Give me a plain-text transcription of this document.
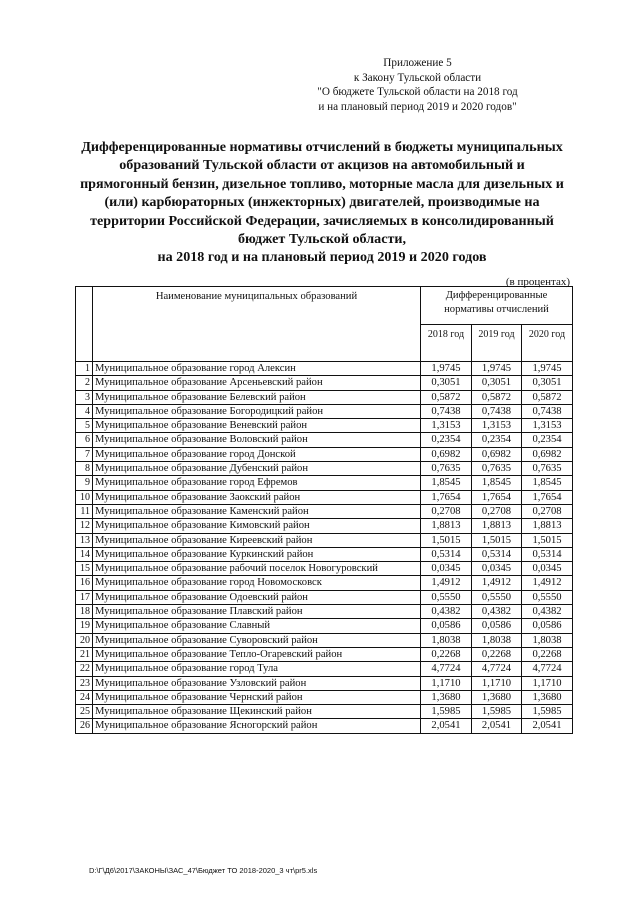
Приложение 5
к Закону Тульской области
"О бюджете Тульской области на 2018 год
и на плановый период 2019 и 2020 годов"
Дифференцированные нормативы отчислений в бюджеты муниципальных
образований Тульской области от акцизов на автомобильный и
прямогонный бензин, дизельное топливо, моторные масла для дизельных и
(или) карбюраторных (инжекторных) двигателей, производимые на
территории Российской Федерации, зачисляемых в консолидированный
бюджет Тульской области,
на 2018 год и на плановый период 2019 и 2020 годов
(в процентах)
	Наименование муниципальных образований	Дифференцированные
нормативы отчислений		

		2018 год	2019 год	2020 год
1	Муниципальное образование город Алексин	1,9745	1,9745	1,9745
2	Муниципальное образование Арсеньевский район	0,3051	0,3051	0,3051
3	Муниципальное образование Белевский район	0,5872	0,5872	0,5872
4	Муниципальное образование Богородицкий район	0,7438	0,7438	0,7438
5	Муниципальное образование Веневский район	1,3153	1,3153	1,3153
6	Муниципальное образование Воловский район	0,2354	0,2354	0,2354
7	Муниципальное образование город Донской	0,6982	0,6982	0,6982
8	Муниципальное образование Дубенский район	0,7635	0,7635	0,7635
9	Муниципальное образование город Ефремов	1,8545	1,8545	1,8545
10	Муниципальное образование Заокский район	1,7654	1,7654	1,7654
11	Муниципальное образование Каменский район	0,2708	0,2708	0,2708
12	Муниципальное образование Кимовский район	1,8813	1,8813	1,8813
13	Муниципальное образование Киреевский район	1,5015	1,5015	1,5015
14	Муниципальное образование Куркинский район	0,5314	0,5314	0,5314
15	Муниципальное образование рабочий поселок Новогуровский	0,0345	0,0345	0,0345
16	Муниципальное образование город Новомосковск	1,4912	1,4912	1,4912
17	Муниципальное образование Одоевский район	0,5550	0,5550	0,5550
18	Муниципальное образование Плавский район	0,4382	0,4382	0,4382
19	Муниципальное образование Славный	0,0586	0,0586	0,0586
20	Муниципальное образование Суворовский район	1,8038	1,8038	1,8038
21	Муниципальное образование Тепло-Огаревский район	0,2268	0,2268	0,2268
22	Муниципальное образование город Тула	4,7724	4,7724	4,7724
23	Муниципальное образование Узловский район	1,1710	1,1710	1,1710
24	Муниципальное образование Чернский район	1,3680	1,3680	1,3680
25	Муниципальное образование Щекинский район	1,5985	1,5985	1,5985
26	Муниципальное образование Ясногорский район	2,0541	2,0541	2,0541
D:\Г\Д6\2017\ЗАКОНЫ\ЗАС_47\Бюджет ТО 2018-2020_3 чт\pr5.xls
